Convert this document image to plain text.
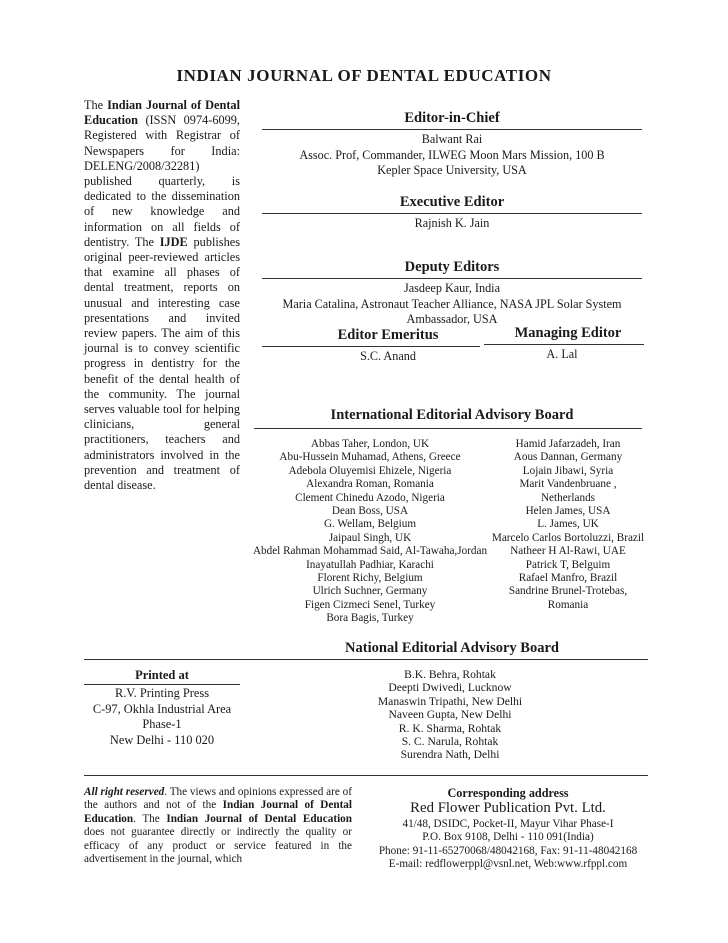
INDIAN JOURNAL OF DENTAL EDUCATION
The Indian Journal of Dental Education (ISSN 0974-6099, Registered with Registrar of Newspapers for India: DELENG/2008/32281) published quarterly, is dedicated to the dissemination of new knowledge and information on all fields of dentistry. The IJDE publishes original peer-reviewed articles that examine all phases of dental treatment, reports on unusual and interesting case presentations and invited review papers. The aim of this journal is to convey scientific progress in dentistry for the benefit of the dental health of the community. The journal serves valuable tool for helping clinicians, general practitioners, teachers and administrators involved in the prevention and treatment of dental disease.
Editor-in-Chief
Balwant Rai
Assoc. Prof, Commander, ILWEG Moon Mars Mission, 100 B
Kepler Space University, USA
Executive Editor
Rajnish K. Jain
Deputy Editors
Jasdeep Kaur, India
Maria Catalina, Astronaut Teacher Alliance, NASA JPL Solar System
Ambassador, USA
Editor Emeritus
S.C. Anand
Managing Editor
A. Lal
International Editorial Advisory Board
Abbas Taher, London, UK
Abu-Hussein Muhamad, Athens, Greece
Adebola Oluyemisi Ehizele, Nigeria
Alexandra Roman, Romania
Clement Chinedu Azodo, Nigeria
Dean Boss, USA
G. Wellam, Belgium
Jaipaul Singh, UK
Abdel Rahman Mohammad Said, Al-Tawaha,Jordan
Inayatullah Padhiar, Karachi
Florent Richy, Belgium
Ulrich Suchner, Germany
Figen Cizmeci Senel, Turkey
Bora Bagis, Turkey
Hamid Jafarzadeh, Iran
Aous Dannan, Germany
Lojain Jibawi, Syria
Marit Vandenbruane ,
Netherlands
Helen James, USA
L. James, UK
Marcelo Carlos Bortoluzzi, Brazil
Natheer H Al-Rawi, UAE
Patrick T, Belguim
Rafael Manfro, Brazil
Sandrine Brunel-Trotebas,
Romania
National Editorial Advisory Board
B.K. Behra, Rohtak
Deepti Dwivedi, Lucknow
Manaswin Tripathi, New Delhi
Naveen Gupta, New Delhi
R. K. Sharma, Rohtak
S. C. Narula, Rohtak
Surendra Nath, Delhi
Printed at
R.V. Printing Press
C-97, Okhla Industrial Area
Phase-1
New Delhi - 110 020
All right reserved. The views and opinions expressed are of the authors and not of the Indian Journal of Dental Education. The Indian Journal of Dental Education does not guarantee directly or indirectly the quality or efficacy of any product or service featured in the advertisement in the journal, which
Corresponding address
Red Flower Publication Pvt. Ltd.
41/48, DSIDC, Pocket-II, Mayur Vihar Phase-I
P.O. Box 9108, Delhi - 110 091(India)
Phone: 91-11-65270068/48042168, Fax: 91-11-48042168
E-mail: redflowerppl@vsnl.net, Web:www.rfppl.com
